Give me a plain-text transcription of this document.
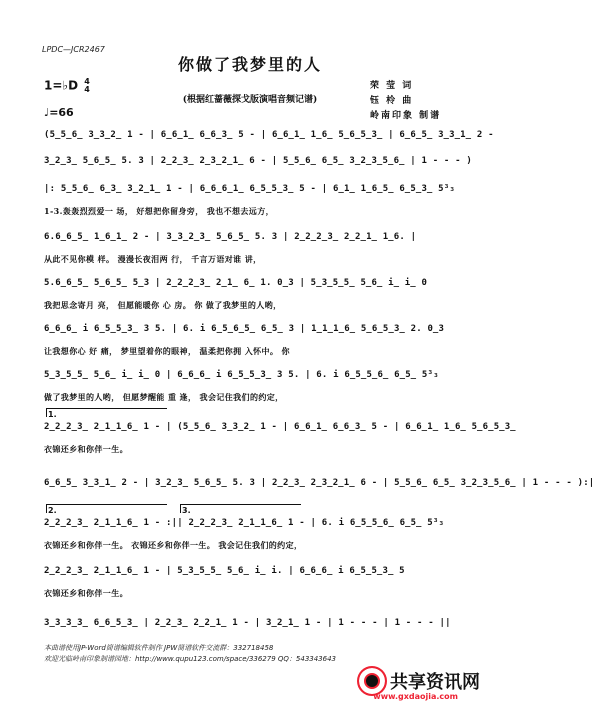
LPDC—JCR2467
你做了我梦里的人
荣 莹 词
钰 柃 曲
岭南印象 制谱
1=♭D 4
4
(根据红蔷薇探戈版演唱音频记谱)
♩=66
(5̲5̲6̲ 3̲3̲2̲ 1 - | 6̲6̲1̲ 6̲6̲3̲ 5 - | 6̲6̲1̲ 1̲6̲ 5̲6̲5̲3̲ | 6̲6̲5̲ 3̲3̲1̲ 2 -
3̲2̲3̲ 5̲6̲5̲ 5. 3 | 2̲2̲3̲ 2̲3̲2̲1̲ 6 - | 5̲5̲6̲ 6̲5̲ 3̲2̲3̲5̲6̲ | 1 - - - )
|: 5̲5̲6̲ 6̲3̲ 3̲2̲1̲ 1 - | 6̲6̲6̲1̲ 6̲5̲5̲3̲ 5 - | 6̲1̲ 1̲6̲5̲ 6̲5̲3̲ 5³₃
1-3.轰轰烈烈爱一 场， 好想把你留身旁， 我也不想去远方，
6.6̲6̲5̲ 1̲6̲1̲ 2 - | 3̲3̲2̲3̲ 5̲6̲5̲ 5. 3 | 2̲2̲2̲3̲ 2̲2̲1̲ 1̲6. |
从此不见你模 样。 漫漫长夜泪两 行， 千言万语对谁 讲，
5.6̲6̲5̲ 5̲6̲5̲ 5̲3 | 2̲2̲2̲3̲ 2̲1̲ 6̲ 1. 0̲3 | 5̲3̲5̲5̲ 5̲6̲ i̲ i̲ 0
我把思念寄月 亮， 但愿能暖你 心 房。 你 做了我梦里的人哟，
6̲6̲6̲ i 6̲5̲5̲3̲ 3 5. | 6. i 6̲5̲6̲5̲ 6̲5̲ 3 | 1̲1̲1̲6̲ 5̲6̲5̲3̲ 2. 0̲3
让我想你心 好 痛， 梦里望着你的眼神， 温柔把你拥 入怀中。 你
5̲3̲5̲5̲ 5̲6̲ i̲ i̲ 0 | 6̲6̲6̲ i 6̲5̲5̲3̲ 3 5. | 6. i 6̲5̲5̲6̲ 6̲5̲ 5³₃
做了我梦里的人哟， 但愿梦醒能 重 逢， 我会记住我们的约定，
1.
2̲2̲2̲3̲ 2̲1̲1̲6̲ 1 - | (5̲5̲6̲ 3̲3̲2̲ 1 - | 6̲6̲1̲ 6̲6̲3̲ 5 - | 6̲6̲1̲ 1̲6̲ 5̲6̲5̲3̲
衣锦还乡和你伴一生。
6̲6̲5̲ 3̲3̲1̲ 2 - | 3̲2̲3̲ 5̲6̲5̲ 5. 3 | 2̲2̲3̲ 2̲3̲2̲1̲ 6 - | 5̲5̲6̲ 6̲5̲ 3̲2̲3̲5̲6̲ | 1 - - - ):|
2.	3.
2̲2̲2̲3̲ 2̲1̲1̲6̲ 1 - :|| 2̲2̲2̲3̲ 2̲1̲1̲6̲ 1 - | 6. i 6̲5̲5̲6̲ 6̲5̲ 5³₃
衣锦还乡和你伴一生。 衣锦还乡和你伴一生。 我会记住我们的约定，
2̲2̲2̲3̲ 2̲1̲1̲6̲ 1 - | 5̲3̲5̲5̲ 5̲6̲ i̲ i. | 6̲6̲6̲ i 6̲5̲5̲3̲ 5
衣锦还乡和你伴一生。
3̲3̲3̲3̲ 6̲6̲5̲3̲ | 2̲2̲3̲ 2̲2̲1̲ 1 - | 3̲2̲1̲ 1 - | 1 - - - | 1 - - - ||
本曲谱使用JP-Word简谱编辑软件制作 JPW简谱软件交流群：332718458
欢迎光临岭南印象制谱园地：http://www.qupu123.com/space/336279 QQ：543343643
共享资讯网
www.gxdaojia.com
